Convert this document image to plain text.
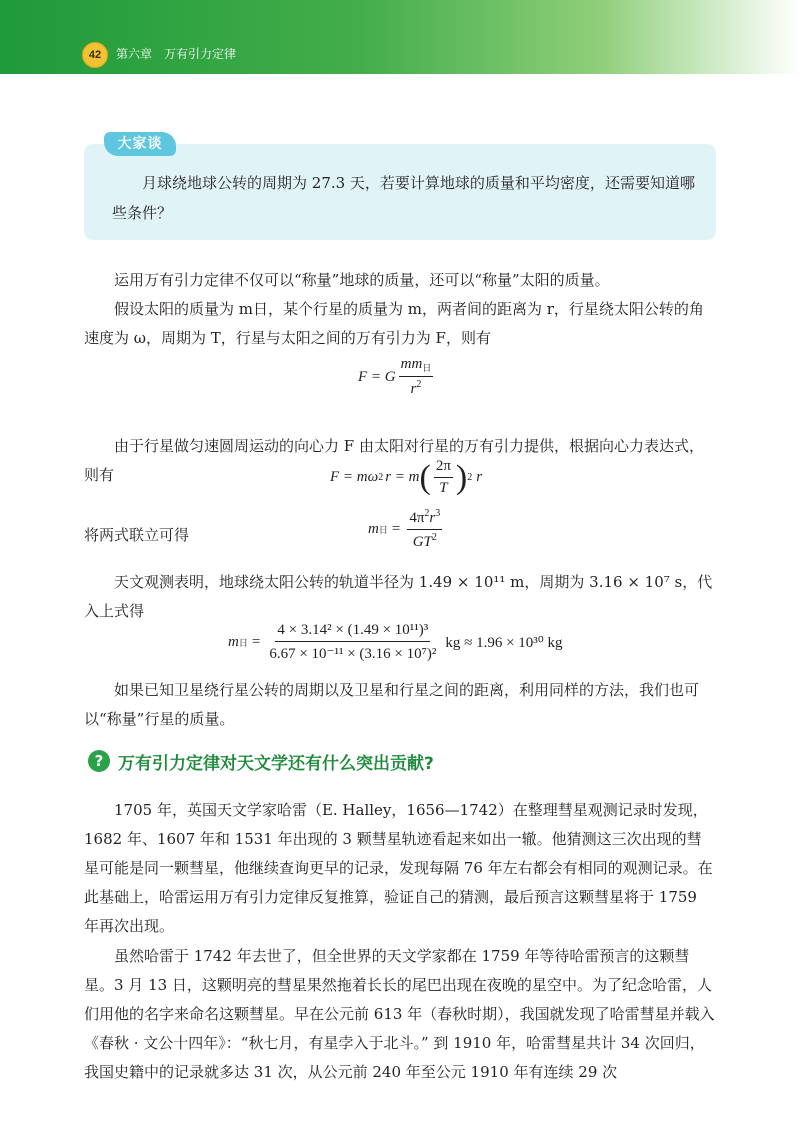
42	第六章　万有引力定律
大家谈
月球绕地球公转的周期为 27.3 天，若要计算地球的质量和平均密度，还需要知道哪些条件？
运用万有引力定律不仅可以“称量”地球的质量，还可以“称量”太阳的质量。
假设太阳的质量为 m日，某个行星的质量为 m，两者间的距离为 r，行星绕太阳公转的角速度为 ω，周期为 T，行星与太阳之间的万有引力为 F，则有
F = G $\frac{mm_日}{r^2}$
由于行星做匀速圆周运动的向心力 F 由太阳对行星的万有引力提供，根据向心力表达式，则有	F = mω 2 r = m ( $\frac{2\pi}{T}$ ) 2 r
将两式联立可得	m 日 = $\frac{4\pi^2r^3}{GT^2}$
天文观测表明，地球绕太阳公转的轨道半径为 1.49 × 10¹¹ m，周期为 3.16 × 10⁷ s，代入上式得
m 日 = $\frac{\text{4 × 3.14² × (1.49 × 10¹¹)³}}{\text{6.67 × 10⁻¹¹ × (3.16 × 10⁷)²}}$ kg ≈ 1.96 × 10³⁰ kg
如果已知卫星绕行星公转的周期以及卫星和行星之间的距离，利用同样的方法，我们也可以“称量”行星的质量。
? 万有引力定律对天文学还有什么突出贡献?
1705 年，英国天文学家哈雷（E. Halley，1656—1742）在整理彗星观测记录时发现，1682 年、1607 年和 1531 年出现的 3 颗彗星轨迹看起来如出一辙。他猜测这三次出现的彗星可能是同一颗彗星，他继续查询更早的记录，发现每隔 76 年左右都会有相同的观测记录。在此基础上，哈雷运用万有引力定律反复推算，验证自己的猜测，最后预言这颗彗星将于 1759 年再次出现。
虽然哈雷于 1742 年去世了，但全世界的天文学家都在 1759 年等待哈雷预言的这颗彗星。3 月 13 日，这颗明亮的彗星果然拖着长长的尾巴出现在夜晚的星空中。为了纪念哈雷，人们用他的名字来命名这颗彗星。早在公元前 613 年（春秋时期），我国就发现了哈雷彗星并载入《春秋 · 文公十四年》：“秋七月，有星孛入于北斗。” 到 1910 年，哈雷彗星共计 34 次回归，我国史籍中的记录就多达 31 次，从公元前 240 年至公元 1910 年有连续 29 次
